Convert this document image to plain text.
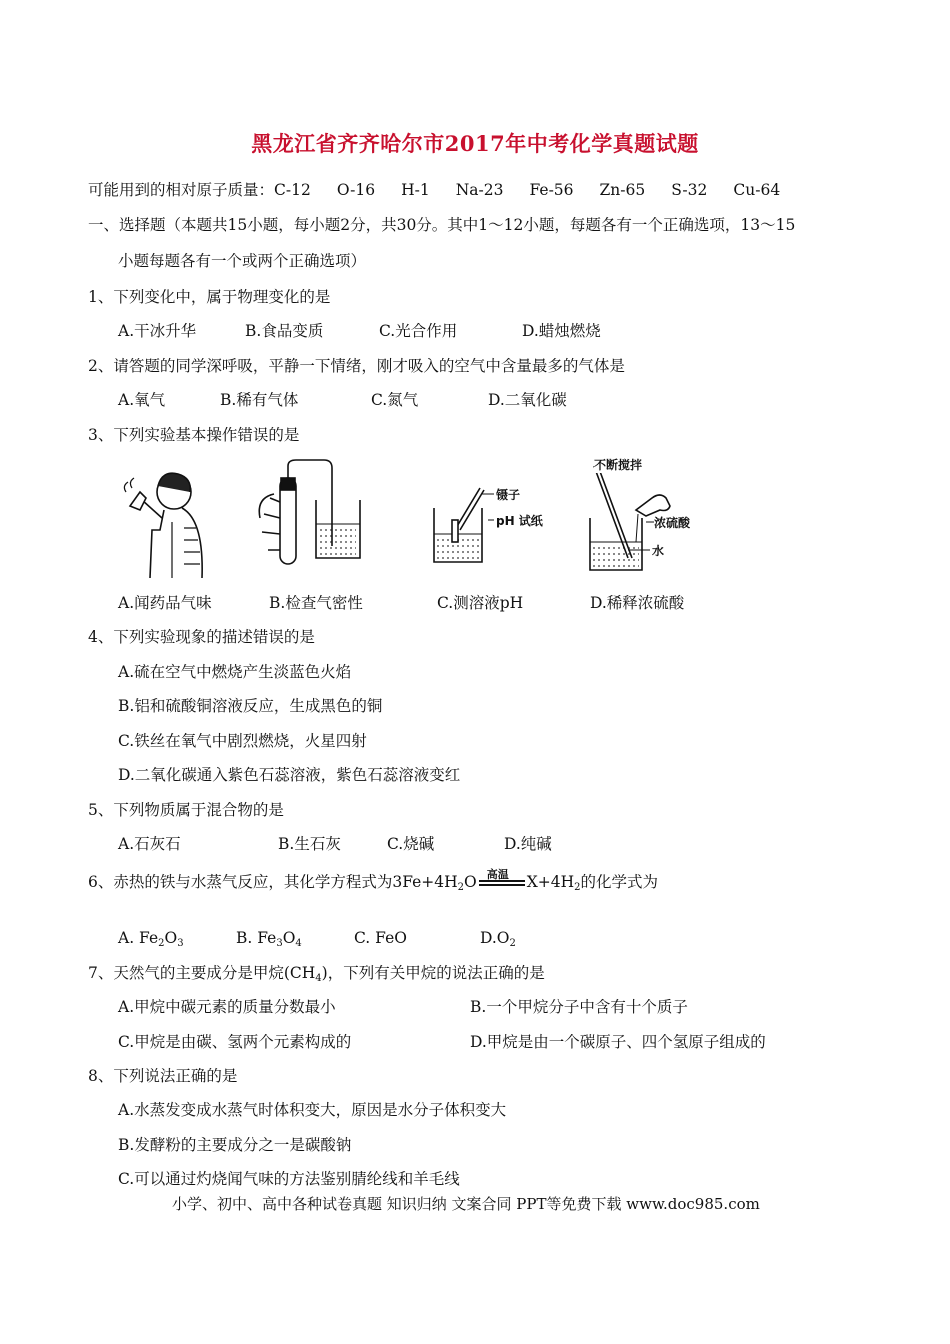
黑龙江省齐齐哈尔市2017年中考化学真题试题
可能用到的相对原子质量：C-12 O-16 H-1 Na-23 Fe-56 Zn-65 S-32 Cu-64
一、选择题（本题共15小题，每小题2分，共30分。其中1～12小题，每题各有一个正确选项，13～15
小题每题各有一个或两个正确选项）
1、下列变化中，属于物理变化的是
A.干冰升华	B.食品变质	C.光合作用	D.蜡烛燃烧
2、请答题的同学深呼吸，平静一下情绪，刚才吸入的空气中含量最多的气体是
A.氧气	B.稀有气体	C.氮气	D.二氧化碳
3、下列实验基本操作错误的是
镊子
pH 试纸
不断搅拌
浓硫酸
水
A.闻药品气味	B.检查气密性	C.测溶液pH	D.稀释浓硫酸
4、下列实验现象的描述错误的是
A.硫在空气中燃烧产生淡蓝色火焰
B.铝和硫酸铜溶液反应，生成黑色的铜
C.铁丝在氧气中剧烈燃烧，火星四射
D.二氧化碳通入紫色石蕊溶液，紫色石蕊溶液变红
5、下列物质属于混合物的是
A.石灰石	B.生石灰	C.烧碱	D.纯碱
6、赤热的铁与水蒸气反应，其化学方程式为$3Fe+4H_2O$ 高温 $X+4H_2$的化学式为
A. $Fe_2O_3$	B. $Fe_3O_4$	C. FeO	$D.O_2$
7、天然气的主要成分是甲烷$(CH_4)$，下列有关甲烷的说法正确的是
A.甲烷中碳元素的质量分数最小	B.一个甲烷分子中含有十个质子
C.甲烷是由碳、氢两个元素构成的	D.甲烷是由一个碳原子、四个氢原子组成的
8、下列说法正确的是
A.水蒸发变成水蒸气时体积变大，原因是水分子体积变大
B.发酵粉的主要成分之一是碳酸钠
C.可以通过灼烧闻气味的方法鉴别腈纶线和羊毛线
小学、初中、高中各种试卷真题 知识归纳 文案合同 PPT等免费下载 www.doc985.com
